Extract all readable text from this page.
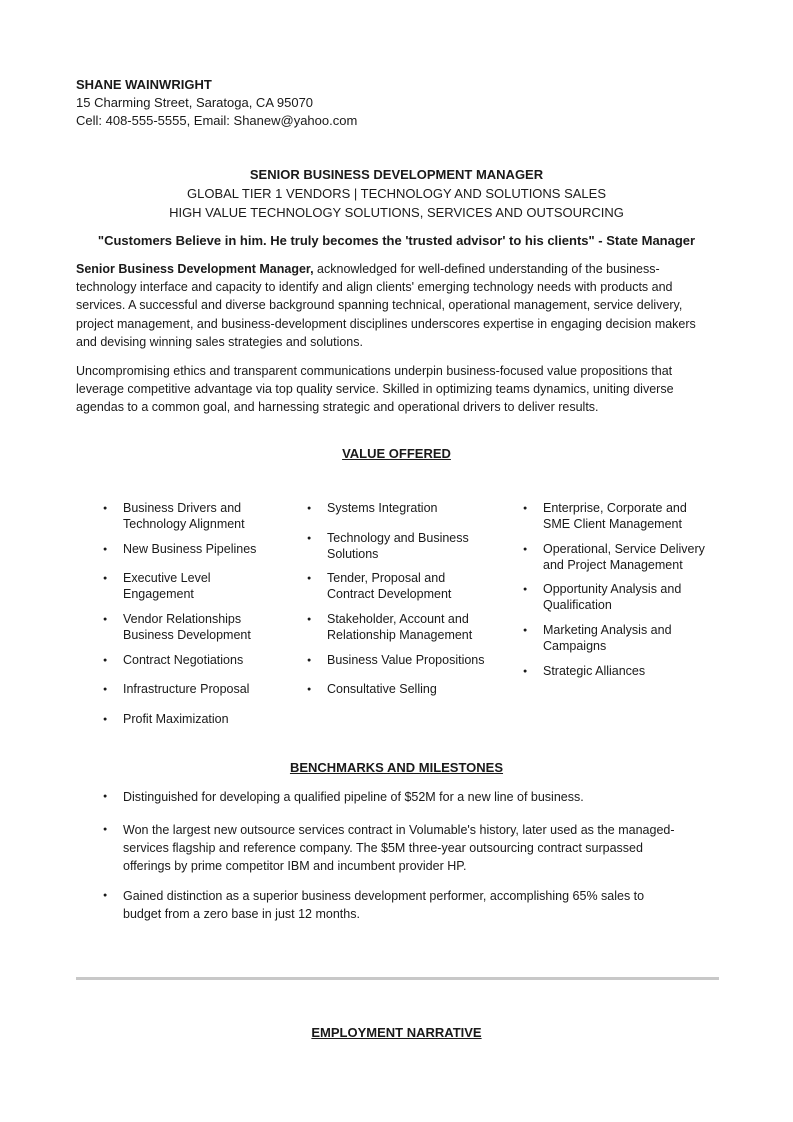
SHANE WAINWRIGHT
15 Charming Street, Saratoga, CA 95070
Cell: 408-555-5555, Email: Shanew@yahoo.com
SENIOR BUSINESS DEVELOPMENT MANAGER
GLOBAL TIER 1 VENDORS | TECHNOLOGY AND SOLUTIONS SALES
HIGH VALUE TECHNOLOGY SOLUTIONS, SERVICES AND OUTSOURCING
"Customers Believe in him. He truly becomes the 'trusted advisor' to his clients" - State Manager

Senior Business Development Manager, acknowledged for well-defined understanding of the business-technology interface and capacity to identify and align clients' emerging technology needs with products and services. A successful and diverse background spanning technical, operational management, service delivery, project management, and business-development disciplines underscores expertise in engaging decision makers and devising winning sales strategies and solutions.

Uncompromising ethics and transparent communications underpin business-focused value propositions that leverage competitive advantage via top quality service. Skilled in optimizing teams dynamics, uniting diverse agendas to a common goal, and harnessing strategic and operational drivers to deliver results.

VALUE OFFERED
● Business Drivers and
Technology Alignment
● New Business Pipelines
● Executive Level
Engagement
● Vendor Relationships
Business Development
● Contract Negotiations
● Infrastructure Proposal
● Profit Maximization
● Systems Integration
● Technology and Business
Solutions
● Tender, Proposal and
Contract Development
● Stakeholder, Account and
Relationship Management
● Business Value Propositions
● Consultative Selling
● Enterprise, Corporate and
SME Client Management
● Operational, Service Delivery
and Project Management
● Opportunity Analysis and
Qualification
● Marketing Analysis and
Campaigns
● Strategic Alliances
BENCHMARKS AND MILESTONES
● Distinguished for developing a qualified pipeline of $52M for a new line of business.
● Won the largest new outsource services contract in Volumable's history, later used as the managed-services flagship and reference company. The $5M three-year outsourcing contract surpassed offerings by prime competitor IBM and incumbent provider HP.
● Gained distinction as a superior business development performer, accomplishing 65% sales to budget from a zero base in just 12 months.
EMPLOYMENT NARRATIVE
